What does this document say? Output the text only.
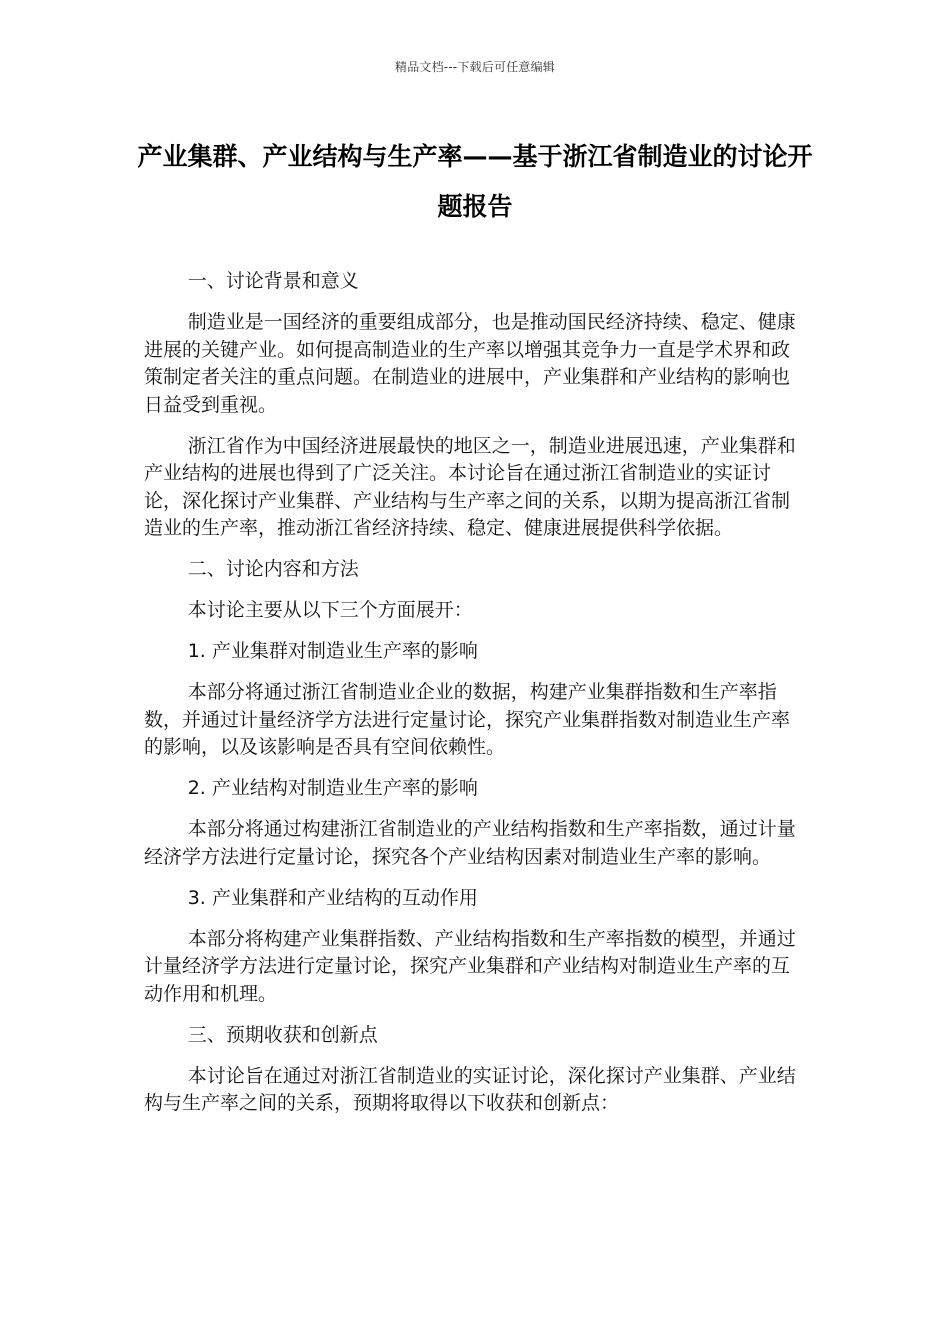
精品文档---下载后可任意编辑
产业集群、产业结构与生产率——基于浙江省制造业的讨论开题报告

一、讨论背景和意义

制造业是一国经济的重要组成部分，也是推动国民经济持续、稳定、健康进展的关键产业。如何提高制造业的生产率以增强其竞争力一直是学术界和政策制定者关注的重点问题。在制造业的进展中，产业集群和产业结构的影响也日益受到重视。

浙江省作为中国经济进展最快的地区之一，制造业进展迅速，产业集群和产业结构的进展也得到了广泛关注。本讨论旨在通过浙江省制造业的实证讨论，深化探讨产业集群、产业结构与生产率之间的关系，以期为提高浙江省制造业的生产率，推动浙江省经济持续、稳定、健康进展提供科学依据。

二、讨论内容和方法

本讨论主要从以下三个方面展开：

1. 产业集群对制造业生产率的影响

本部分将通过浙江省制造业企业的数据，构建产业集群指数和生产率指数，并通过计量经济学方法进行定量讨论，探究产业集群指数对制造业生产率的影响，以及该影响是否具有空间依赖性。

2. 产业结构对制造业生产率的影响

本部分将通过构建浙江省制造业的产业结构指数和生产率指数，通过计量经济学方法进行定量讨论，探究各个产业结构因素对制造业生产率的影响。

3. 产业集群和产业结构的互动作用

本部分将构建产业集群指数、产业结构指数和生产率指数的模型，并通过计量经济学方法进行定量讨论，探究产业集群和产业结构对制造业生产率的互动作用和机理。

三、预期收获和创新点

本讨论旨在通过对浙江省制造业的实证讨论，深化探讨产业集群、产业结构与生产率之间的关系，预期将取得以下收获和创新点：
